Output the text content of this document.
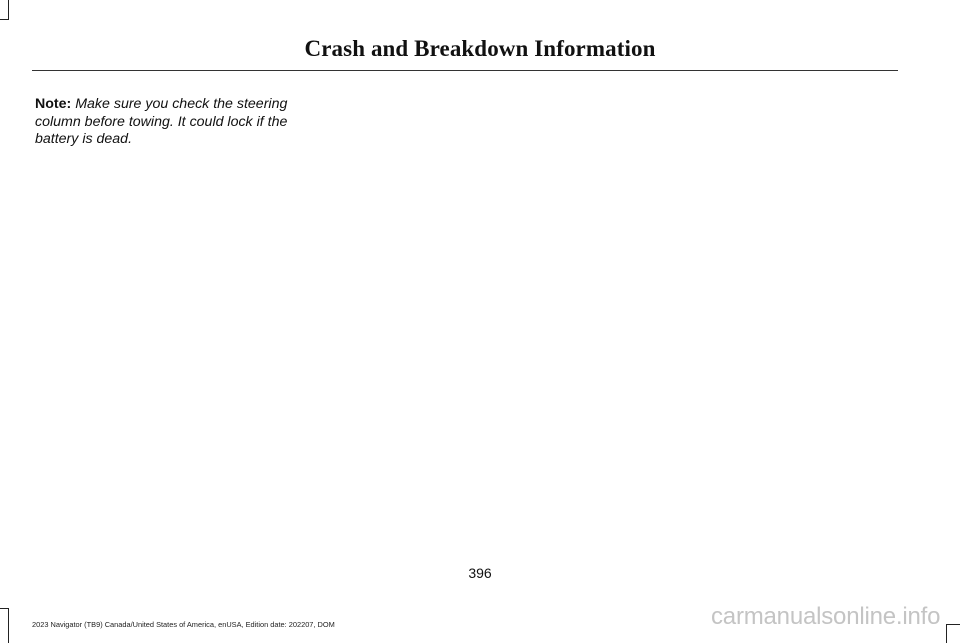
Crash and Breakdown Information
Note: Make sure you check the steering column before towing. It could lock if the battery is dead.
396
2023 Navigator (TB9) Canada/United States of America, enUSA, Edition date: 202207, DOM	carmanualsonline.info
